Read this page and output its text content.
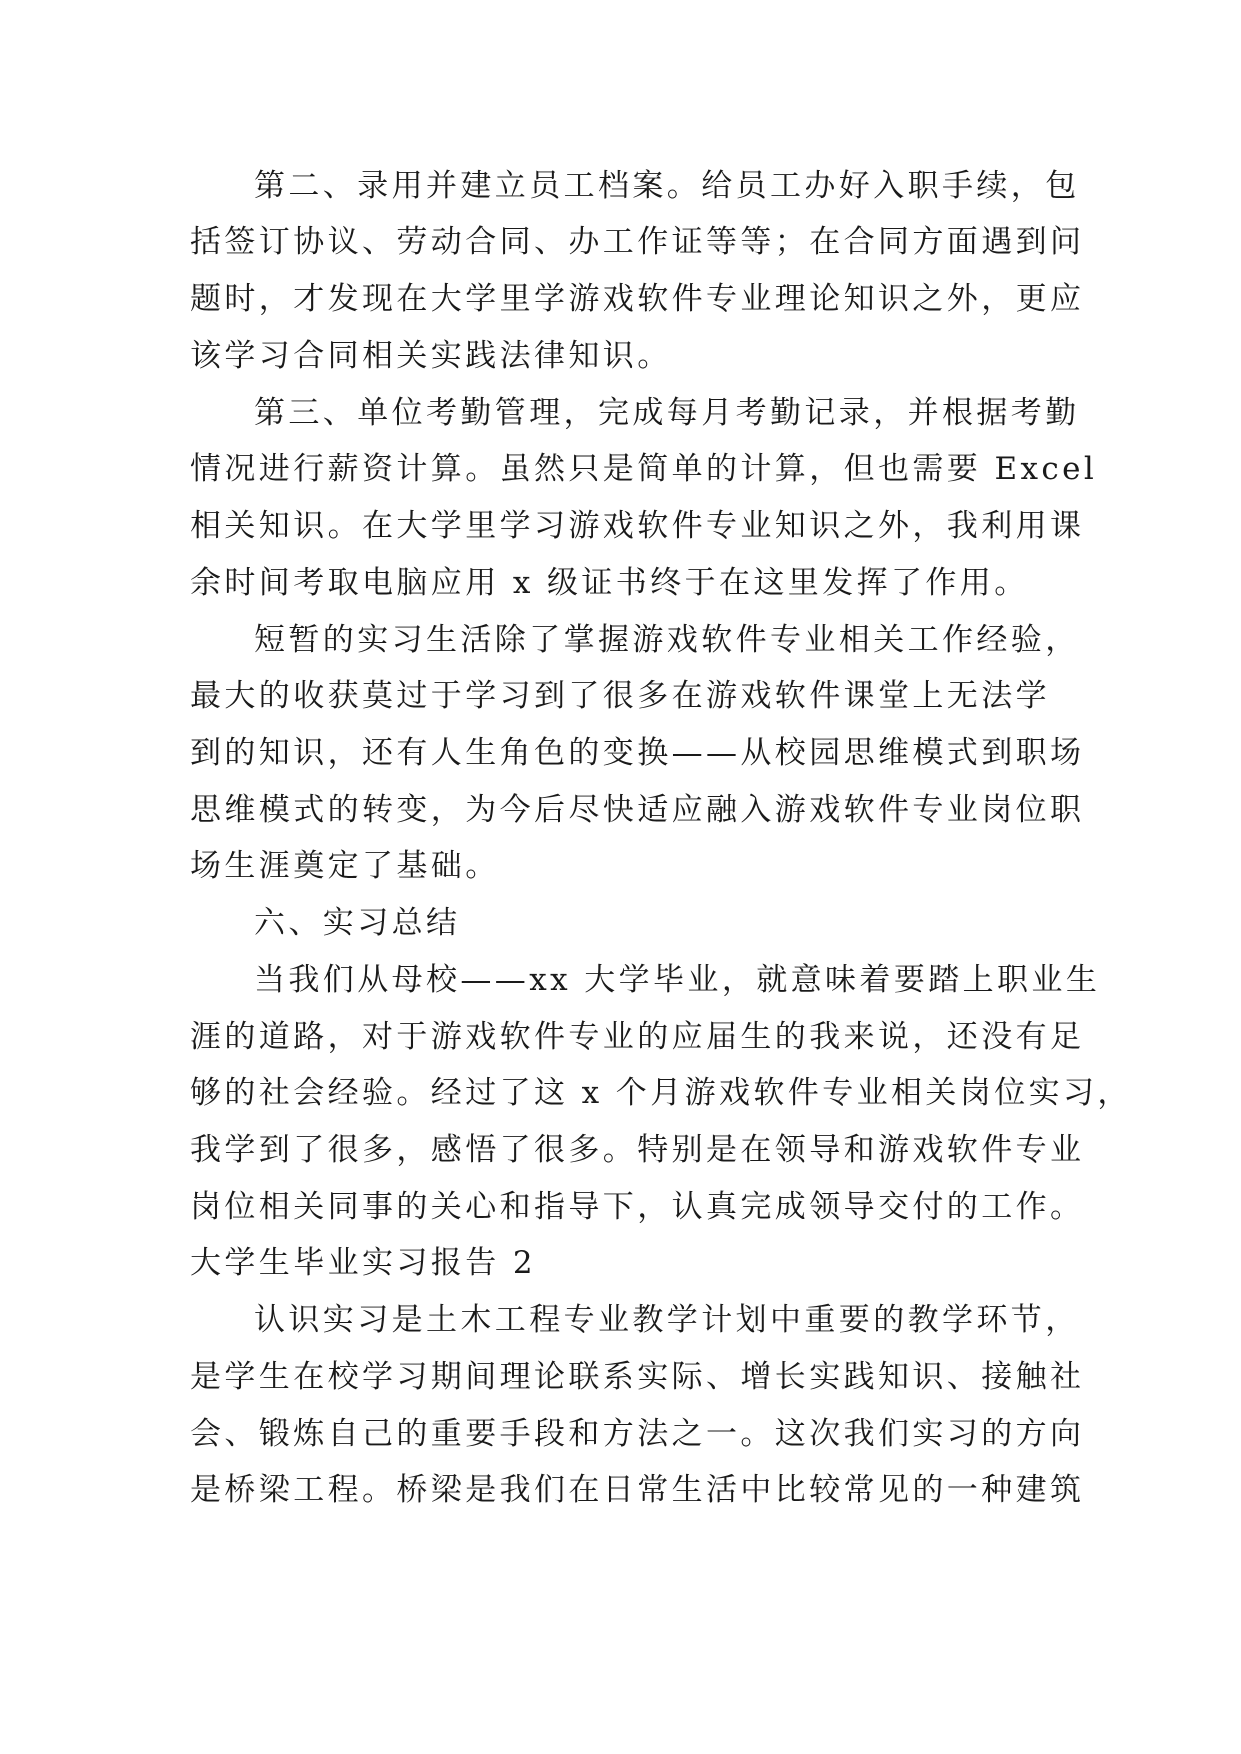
第二、录用并建立员工档案。给员工办好入职手续，包
括签订协议、劳动合同、办工作证等等；在合同方面遇到问
题时，才发现在大学里学游戏软件专业理论知识之外，更应
该学习合同相关实践法律知识。
第三、单位考勤管理，完成每月考勤记录，并根据考勤
情况进行薪资计算。虽然只是简单的计算，但也需要 Excel
相关知识。在大学里学习游戏软件专业知识之外，我利用课
余时间考取电脑应用 x 级证书终于在这里发挥了作用。
短暂的实习生活除了掌握游戏软件专业相关工作经验，
最大的收获莫过于学习到了很多在游戏软件课堂上无法学
到的知识，还有人生角色的变换——从校园思维模式到职场
思维模式的转变，为今后尽快适应融入游戏软件专业岗位职
场生涯奠定了基础。
六、实习总结
当我们从母校——xx 大学毕业，就意味着要踏上职业生
涯的道路，对于游戏软件专业的应届生的我来说，还没有足
够的社会经验。经过了这 x 个月游戏软件专业相关岗位实习，
我学到了很多，感悟了很多。特别是在领导和游戏软件专业
岗位相关同事的关心和指导下，认真完成领导交付的工作。
大学生毕业实习报告 2
认识实习是土木工程专业教学计划中重要的教学环节，
是学生在校学习期间理论联系实际、增长实践知识、接触社
会、锻炼自己的重要手段和方法之一。这次我们实习的方向
是桥梁工程。桥梁是我们在日常生活中比较常见的一种建筑
